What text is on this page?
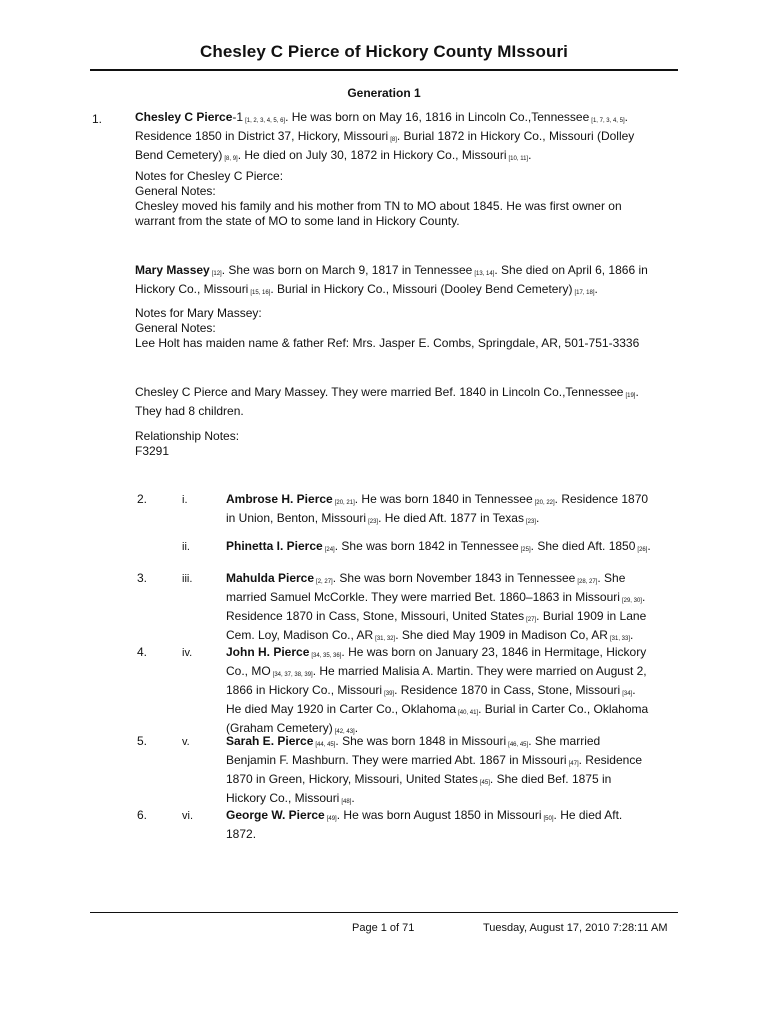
Chesley C Pierce of Hickory County MIssouri
Generation 1
1.	Chesley C Pierce-1 $_{[1, 2, 3, 4, 5, 6]}$. He was born on May 16, 1816 in Lincoln Co.,Tennessee $_{[1, 7, 3, 4, 5]}$. Residence 1850 in District 37, Hickory, Missouri $_{[8]}$. Burial 1872 in Hickory Co., Missouri (Dolley Bend Cemetery) $_{[8, 9]}$. He died on July 30, 1872 in Hickory Co., Missouri $_{[10, 11]}$.
Notes for Chesley C Pierce:
General Notes:
Chesley moved his family and his mother from TN to MO about 1845. He was first owner on warrant from the state of MO to some land in Hickory County.
Mary Massey $_{[12]}$. She was born on March 9, 1817 in Tennessee $_{[13, 14]}$. She died on April 6, 1866 in Hickory Co., Missouri $_{[15, 16]}$. Burial in Hickory Co., Missouri (Dooley Bend Cemetery) $_{[17, 18]}$.
Notes for Mary Massey:
General Notes:
Lee Holt has maiden name & father Ref: Mrs. Jasper E. Combs, Springdale, AR, 501-751-3336
Chesley C Pierce and Mary Massey. They were married Bef. 1840 in Lincoln Co.,Tennessee $_{[19]}$. They had 8 children.
Relationship Notes:
F3291
2.	i.	Ambrose H. Pierce $_{[20, 21]}$. He was born 1840 in Tennessee $_{[20, 22]}$. Residence 1870 in Union, Benton, Missouri $_{[23]}$. He died Aft. 1877 in Texas $_{[23]}$.
ii.	Phinetta I. Pierce $_{[24]}$. She was born 1842 in Tennessee $_{[25]}$. She died Aft. 1850 $_{[26]}$.
3.	iii.	Mahulda Pierce $_{[2, 27]}$. She was born November 1843 in Tennessee $_{[28, 27]}$. She married Samuel McCorkle. They were married Bet. 1860–1863 in Missouri $_{[29, 30]}$. Residence 1870 in Cass, Stone, Missouri, United States $_{[27]}$. Burial 1909 in Lane Cem. Loy, Madison Co., AR $_{[31, 32]}$. She died May 1909 in Madison Co, AR $_{[31, 33]}$.
4.	iv.	John H. Pierce $_{[34, 35, 36]}$. He was born on January 23, 1846 in Hermitage, Hickory Co., MO $_{[34, 37, 38, 39]}$. He married Malisia A. Martin. They were married on August 2, 1866 in Hickory Co., Missouri $_{[39]}$. Residence 1870 in Cass, Stone, Missouri $_{[34]}$. He died May 1920 in Carter Co., Oklahoma $_{[40, 41]}$. Burial in Carter Co., Oklahoma (Graham Cemetery) $_{[42, 43]}$.
5.	v.	Sarah E. Pierce $_{[44, 45]}$. She was born 1848 in Missouri $_{[46, 45]}$. She married Benjamin F. Mashburn. They were married Abt. 1867 in Missouri $_{[47]}$. Residence 1870 in Green, Hickory, Missouri, United States $_{[45]}$. She died Bef. 1875 in Hickory Co., Missouri $_{[48]}$.
6.	vi.	George W. Pierce $_{[49]}$. He was born August 1850 in Missouri $_{[50]}$. He died Aft. 1872.
Page 1 of 71	Tuesday, August 17, 2010 7:28:11 AM
